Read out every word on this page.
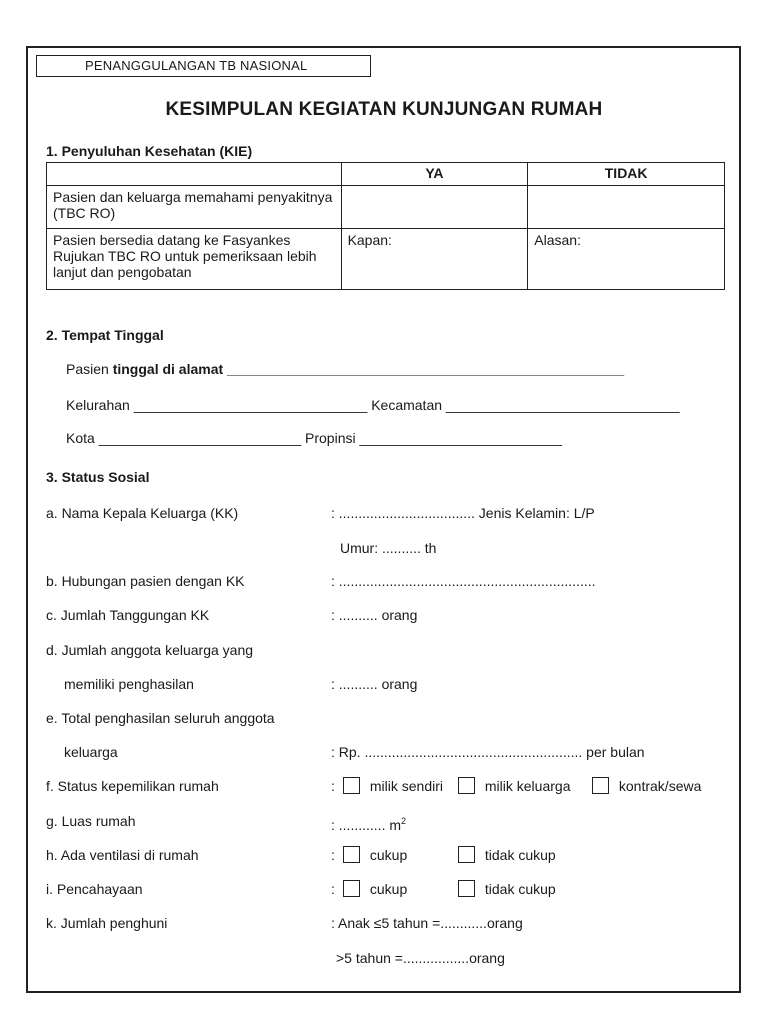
PENANGGULANGAN TB NASIONAL
KESIMPULAN KEGIATAN KUNJUNGAN RUMAH
1. Penyuluhan Kesehatan (KIE)
	YA	TIDAK
Pasien dan keluarga memahami penyakitnya (TBC RO)		
Pasien bersedia datang ke Fasyankes Rujukan TBC RO untuk pemeriksaan lebih lanjut dan pengobatan	Kapan:	Alasan:
2. Tempat Tinggal
Pasien tinggal di alamat ___________________________________________________
Kelurahan ______________________________ Kecamatan ______________________________
Kota __________________________ Propinsi __________________________
3. Status Sosial
a. Nama Kepala Keluarga (KK)	: ................................... Jenis Kelamin: L/P
Umur: .......... th
b. Hubungan pasien dengan KK	: ..................................................................
c. Jumlah Tanggungan KK	: .......... orang
d. Jumlah anggota keluarga yang
memiliki penghasilan	: .......... orang
e. Total penghasilan seluruh anggota
keluarga	: Rp. ........................................................ per bulan
f. Status kepemilikan rumah	:	milik sendiri	milik keluarga	kontrak/sewa
g. Luas rumah	: ............ $m^2$
h. Ada ventilasi di rumah	:	cukup	tidak cukup
i. Pencahayaan	:	cukup	tidak cukup
k. Jumlah penghuni	: Anak ≤5 tahun =............orang
>5 tahun =.................orang
